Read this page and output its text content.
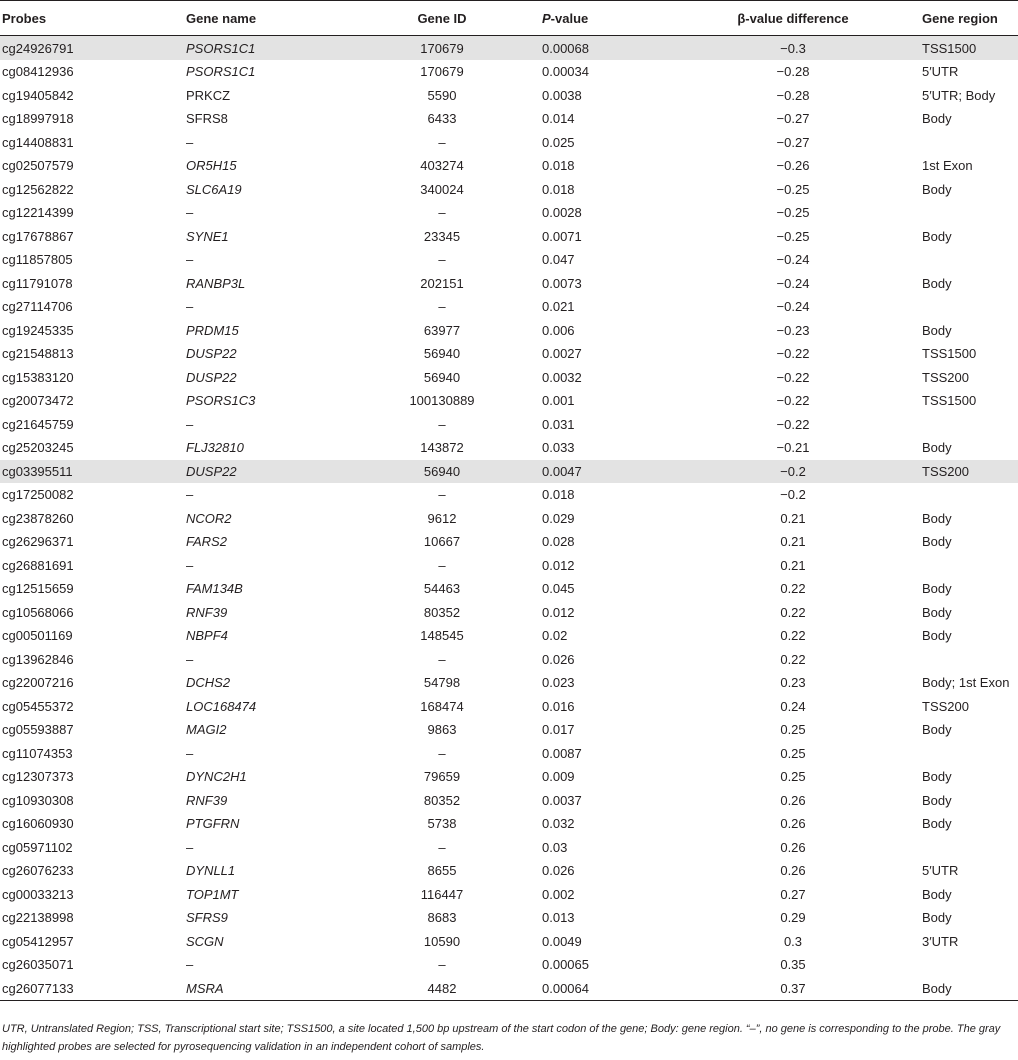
Probes	Gene name	Gene ID	P-value	β-value difference	Gene region
cg24926791	PSORS1C1	170679	0.00068	−0.3	TSS1500
cg08412936	PSORS1C1	170679	0.00034	−0.28	5′UTR
cg19405842	PRKCZ	5590	0.0038	−0.28	5′UTR; Body
cg18997918	SFRS8	6433	0.014	−0.27	Body
cg14408831	–	–	0.025	−0.27	
cg02507579	OR5H15	403274	0.018	−0.26	1st Exon
cg12562822	SLC6A19	340024	0.018	−0.25	Body
cg12214399	–	–	0.0028	−0.25	
cg17678867	SYNE1	23345	0.0071	−0.25	Body
cg11857805	–	–	0.047	−0.24	
cg11791078	RANBP3L	202151	0.0073	−0.24	Body
cg27114706	–	–	0.021	−0.24	
cg19245335	PRDM15	63977	0.006	−0.23	Body
cg21548813	DUSP22	56940	0.0027	−0.22	TSS1500
cg15383120	DUSP22	56940	0.0032	−0.22	TSS200
cg20073472	PSORS1C3	100130889	0.001	−0.22	TSS1500
cg21645759	–	–	0.031	−0.22	
cg25203245	FLJ32810	143872	0.033	−0.21	Body
cg03395511	DUSP22	56940	0.0047	−0.2	TSS200
cg17250082	–	–	0.018	−0.2	
cg23878260	NCOR2	9612	0.029	0.21	Body
cg26296371	FARS2	10667	0.028	0.21	Body
cg26881691	–	–	0.012	0.21	
cg12515659	FAM134B	54463	0.045	0.22	Body
cg10568066	RNF39	80352	0.012	0.22	Body
cg00501169	NBPF4	148545	0.02	0.22	Body
cg13962846	–	–	0.026	0.22	
cg22007216	DCHS2	54798	0.023	0.23	Body; 1st Exon
cg05455372	LOC168474	168474	0.016	0.24	TSS200
cg05593887	MAGI2	9863	0.017	0.25	Body
cg11074353	–	–	0.0087	0.25	
cg12307373	DYNC2H1	79659	0.009	0.25	Body
cg10930308	RNF39	80352	0.0037	0.26	Body
cg16060930	PTGFRN	5738	0.032	0.26	Body
cg05971102	–	–	0.03	0.26	
cg26076233	DYNLL1	8655	0.026	0.26	5′UTR
cg00033213	TOP1MT	116447	0.002	0.27	Body
cg22138998	SFRS9	8683	0.013	0.29	Body
cg05412957	SCGN	10590	0.0049	0.3	3′UTR
cg26035071	–	–	0.00065	0.35	
cg26077133	MSRA	4482	0.00064	0.37	Body
UTR, Untranslated Region; TSS, Transcriptional start site; TSS1500, a site located 1,500 bp upstream of the start codon of the gene; Body: gene region. “–”, no gene is corresponding to the probe. The gray highlighted probes are selected for pyrosequencing validation in an independent cohort of samples.
